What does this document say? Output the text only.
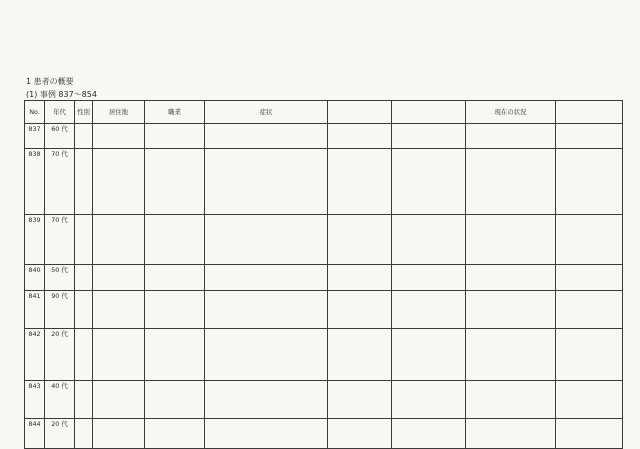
1 患者の概要
(1) 事例 837〜854
No.	年代	性別	居住地	職業	症状			現在の状況	
837	60 代			

838	70 代			

839	70 代			

840	50 代			

841	90 代			

842	20 代			

843	40 代			

844	20 代			
